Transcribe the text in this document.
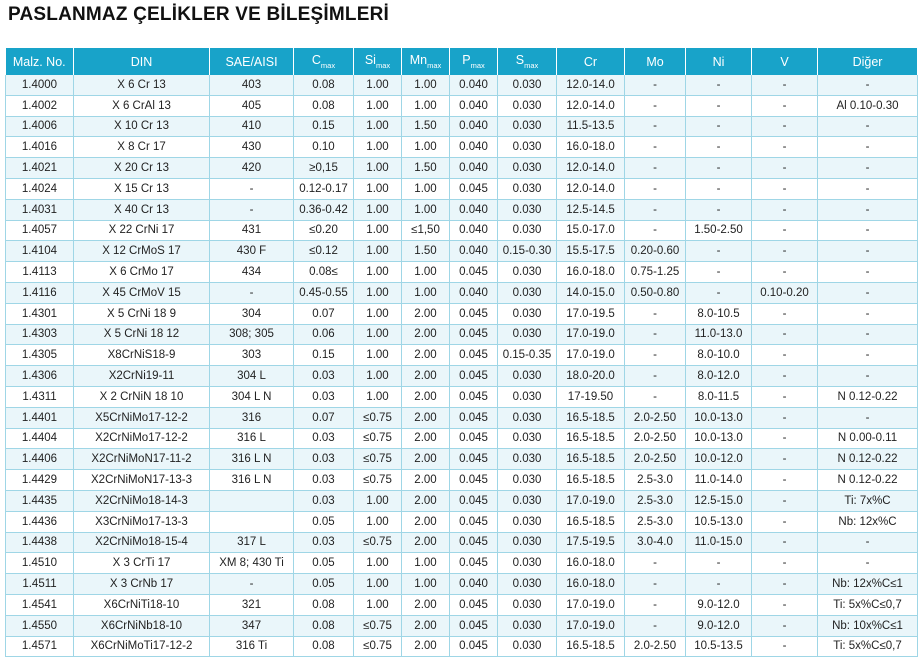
PASLANMAZ ÇELİKLER VE BİLEŞİMLERİ
Malz. No.	DIN	SAE/AISI	$C_{max}$	$Si_{max}$	$Mn_{max}$	$P_{max}$	$S_{max}$	Cr	Mo	Ni	V	Diğer
1.4000	X 6 Cr 13	403	0.08	1.00	1.00	0.040	0.030	12.0-14.0	-	-	-	-
1.4002	X 6 CrAl 13	405	0.08	1.00	1.00	0.040	0.030	12.0-14.0	-	-	-	Al 0.10-0.30
1.4006	X 10 Cr 13	410	0.15	1.00	1.50	0.040	0.030	11.5-13.5	-	-	-	-
1.4016	X 8 Cr 17	430	0.10	1.00	1.00	0.040	0.030	16.0-18.0	-	-	-	-
1.4021	X 20 Cr 13	420	≥0,15	1.00	1.50	0.040	0.030	12.0-14.0	-	-	-	-
1.4024	X 15 Cr 13	-	0.12-0.17	1.00	1.00	0.045	0.030	12.0-14.0	-	-	-	-
1.4031	X 40 Cr 13	-	0.36-0.42	1.00	1.00	0.040	0.030	12.5-14.5	-	-	-	-
1.4057	X 22 CrNi 17	431	≤0.20	1.00	≤1,50	0.040	0.030	15.0-17.0	-	1.50-2.50	-	-
1.4104	X 12 CrMoS 17	430 F	≤0.12	1.00	1.50	0.040	0.15-0.30	15.5-17.5	0.20-0.60	-	-	-
1.4113	X 6 CrMo 17	434	0.08≤	1.00	1.00	0.045	0.030	16.0-18.0	0.75-1.25	-	-	-
1.4116	X 45 CrMoV 15	-	0.45-0.55	1.00	1.00	0.040	0.030	14.0-15.0	0.50-0.80	-	0.10-0.20	-
1.4301	X 5 CrNi 18 9	304	0.07	1.00	2.00	0.045	0.030	17.0-19.5	-	8.0-10.5	-	-
1.4303	X 5 CrNi 18 12	308; 305	0.06	1.00	2.00	0.045	0.030	17.0-19.0	-	11.0-13.0	-	-
1.4305	X8CrNiS18-9	303	0.15	1.00	2.00	0.045	0.15-0.35	17.0-19.0	-	8.0-10.0	-	-
1.4306	X2CrNi19-11	304 L	0.03	1.00	2.00	0.045	0.030	18.0-20.0	-	8.0-12.0	-	-
1.4311	X 2 CrNiN 18 10	304 L N	0.03	1.00	2.00	0.045	0.030	17-19.50	-	8.0-11.5	-	N 0.12-0.22
1.4401	X5CrNiMo17-12-2	316	0.07	≤0.75	2.00	0.045	0.030	16.5-18.5	2.0-2.50	10.0-13.0	-	-
1.4404	X2CrNiMo17-12-2	316 L	0.03	≤0.75	2.00	0.045	0.030	16.5-18.5	2.0-2.50	10.0-13.0	-	N 0.00-0.11
1.4406	X2CrNiMoN17-11-2	316 L N	0.03	≤0.75	2.00	0.045	0.030	16.5-18.5	2.0-2.50	10.0-12.0	-	N 0.12-0.22
1.4429	X2CrNiMoN17-13-3	316 L N	0.03	≤0.75	2.00	0.045	0.030	16.5-18.5	2.5-3.0	11.0-14.0	-	N 0.12-0.22
1.4435	X2CrNiMo18-14-3		0.03	1.00	2.00	0.045	0.030	17.0-19.0	2.5-3.0	12.5-15.0	-	Ti: 7x%C
1.4436	X3CrNiMo17-13-3		0.05	1.00	2.00	0.045	0.030	16.5-18.5	2.5-3.0	10.5-13.0	-	Nb: 12x%C
1.4438	X2CrNiMo18-15-4	317 L	0.03	≤0.75	2.00	0.045	0.030	17.5-19.5	3.0-4.0	11.0-15.0	-	-
1.4510	X 3 CrTi 17	XM 8; 430 Ti	0.05	1.00	1.00	0.045	0.030	16.0-18.0	-	-	-	-
1.4511	X 3 CrNb 17	-	0.05	1.00	1.00	0.040	0.030	16.0-18.0	-	-	-	Nb: 12x%C≤1
1.4541	X6CrNiTi18-10	321	0.08	1.00	2.00	0.045	0.030	17.0-19.0	-	9.0-12.0	-	Ti: 5x%C≤0,7
1.4550	X6CrNiNb18-10	347	0.08	≤0.75	2.00	0.045	0.030	17.0-19.0	-	9.0-12.0	-	Nb: 10x%C≤1
1.4571	X6CrNiMoTi17-12-2	316 Ti	0.08	≤0.75	2.00	0.045	0.030	16.5-18.5	2.0-2.50	10.5-13.5	-	Ti: 5x%C≤0,7
